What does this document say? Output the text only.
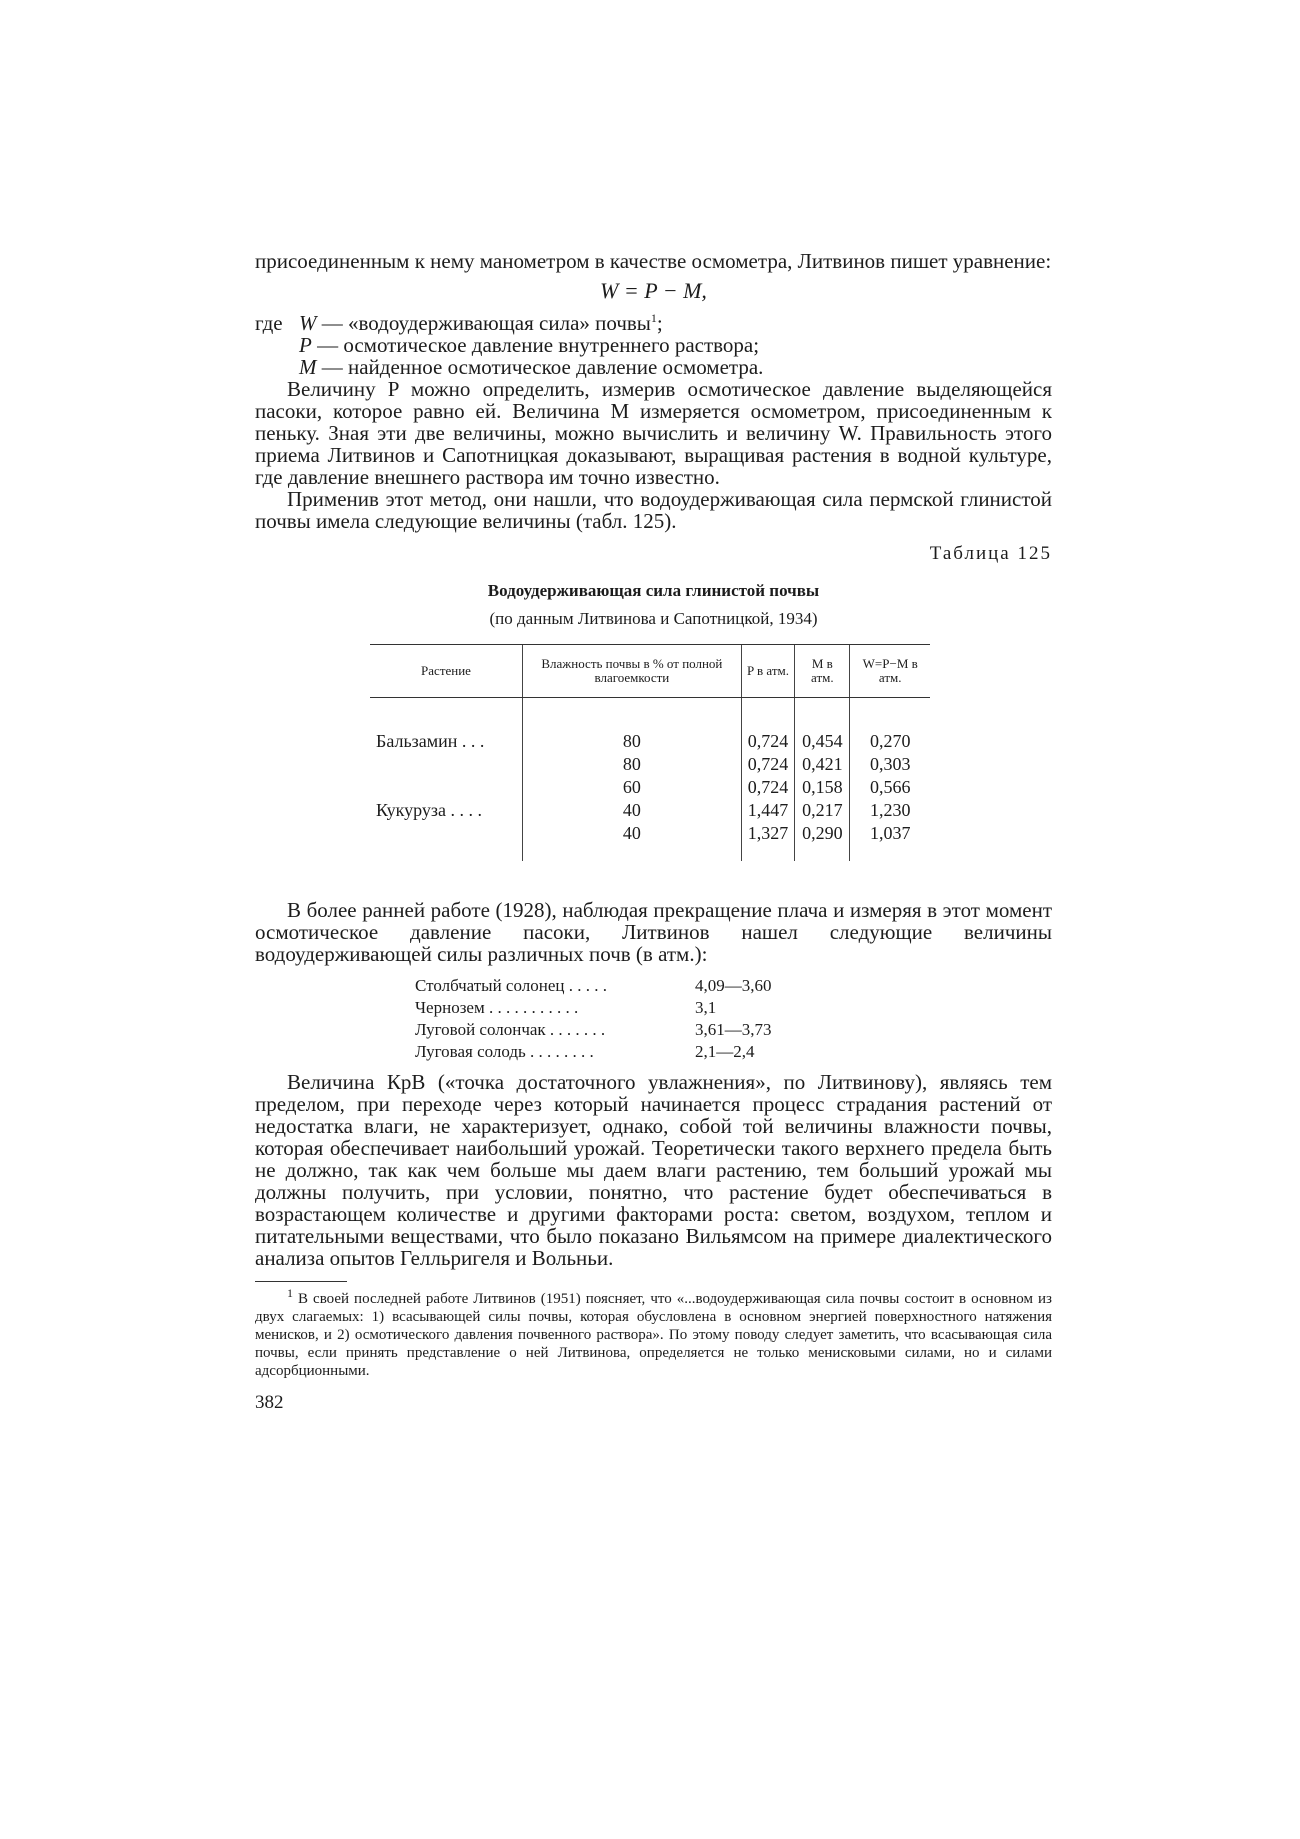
присоединенным к нему манометром в качестве осмометра, Литвинов пишет уравнение:

W = P − M,

где W — «водоудерживающая сила» почвы$^1$;
P — осмотическое давление внутреннего раствора;
M — найденное осмотическое давление осмометра.

Величину P можно определить, измерив осмотическое давление выделяющейся пасоки, которое равно ей. Величина M измеряется осмометром, присоединенным к пеньку. Зная эти две величины, можно вычислить и величину W. Правильность этого приема Литвинов и Сапотницкая доказывают, выращивая растения в водной культуре, где давление внешнего раствора им точно известно.

Применив этот метод, они нашли, что водоудерживающая сила пермской глинистой почвы имела следующие величины (табл. 125).

Таблица 125

Водоудерживающая сила глинистой почвы

(по данным Литвинова и Сапотницкой, 1934)

Растение	Влажность почвы в % от полной влагоемкости	P в атм.	M в атм.	W=P−M в атм.

Бальзамин . . .	80	0,724	0,454	0,270
	80	0,724	0,421	0,303
	60	0,724	0,158	0,566
Кукуруза . . . .	40	1,447	0,217	1,230
	40	1,327	0,290	1,037

В более ранней работе (1928), наблюдая прекращение плача и измеряя в этот момент осмотическое давление пасоки, Литвинов нашел следующие величины водоудерживающей силы различных почв (в атм.):

Столбчатый солонец . . . . .	4,09—3,60
Чернозем . . . . . . . . . . .	3,1
Луговой солончак . . . . . . .	3,61—3,73
Луговая солодь . . . . . . . .	2,1—2,4

Величина КрВ («точка достаточного увлажнения», по Литвинову), являясь тем пределом, при переходе через который начинается процесс страдания растений от недостатка влаги, не характеризует, однако, собой той величины влажности почвы, которая обеспечивает наибольший урожай. Теоретически такого верхнего предела быть не должно, так как чем больше мы даем влаги растению, тем больший урожай мы должны получить, при условии, понятно, что растение будет обеспечиваться в возрастающем количестве и другими факторами роста: светом, воздухом, теплом и питательными веществами, что было показано Вильямсом на примере диалектического анализа опытов Гелльригеля и Вольньи.

$^1$ В своей последней работе Литвинов (1951) поясняет, что «...водоудерживающая сила почвы состоит в основном из двух слагаемых: 1) всасывающей силы почвы, которая обусловлена в основном энергией поверхностного натяжения менисков, и 2) осмотического давления почвенного раствора». По этому поводу следует заметить, что всасывающая сила почвы, если принять представление о ней Литвинова, определяется не только менисковыми силами, но и силами адсорбционными.

382
